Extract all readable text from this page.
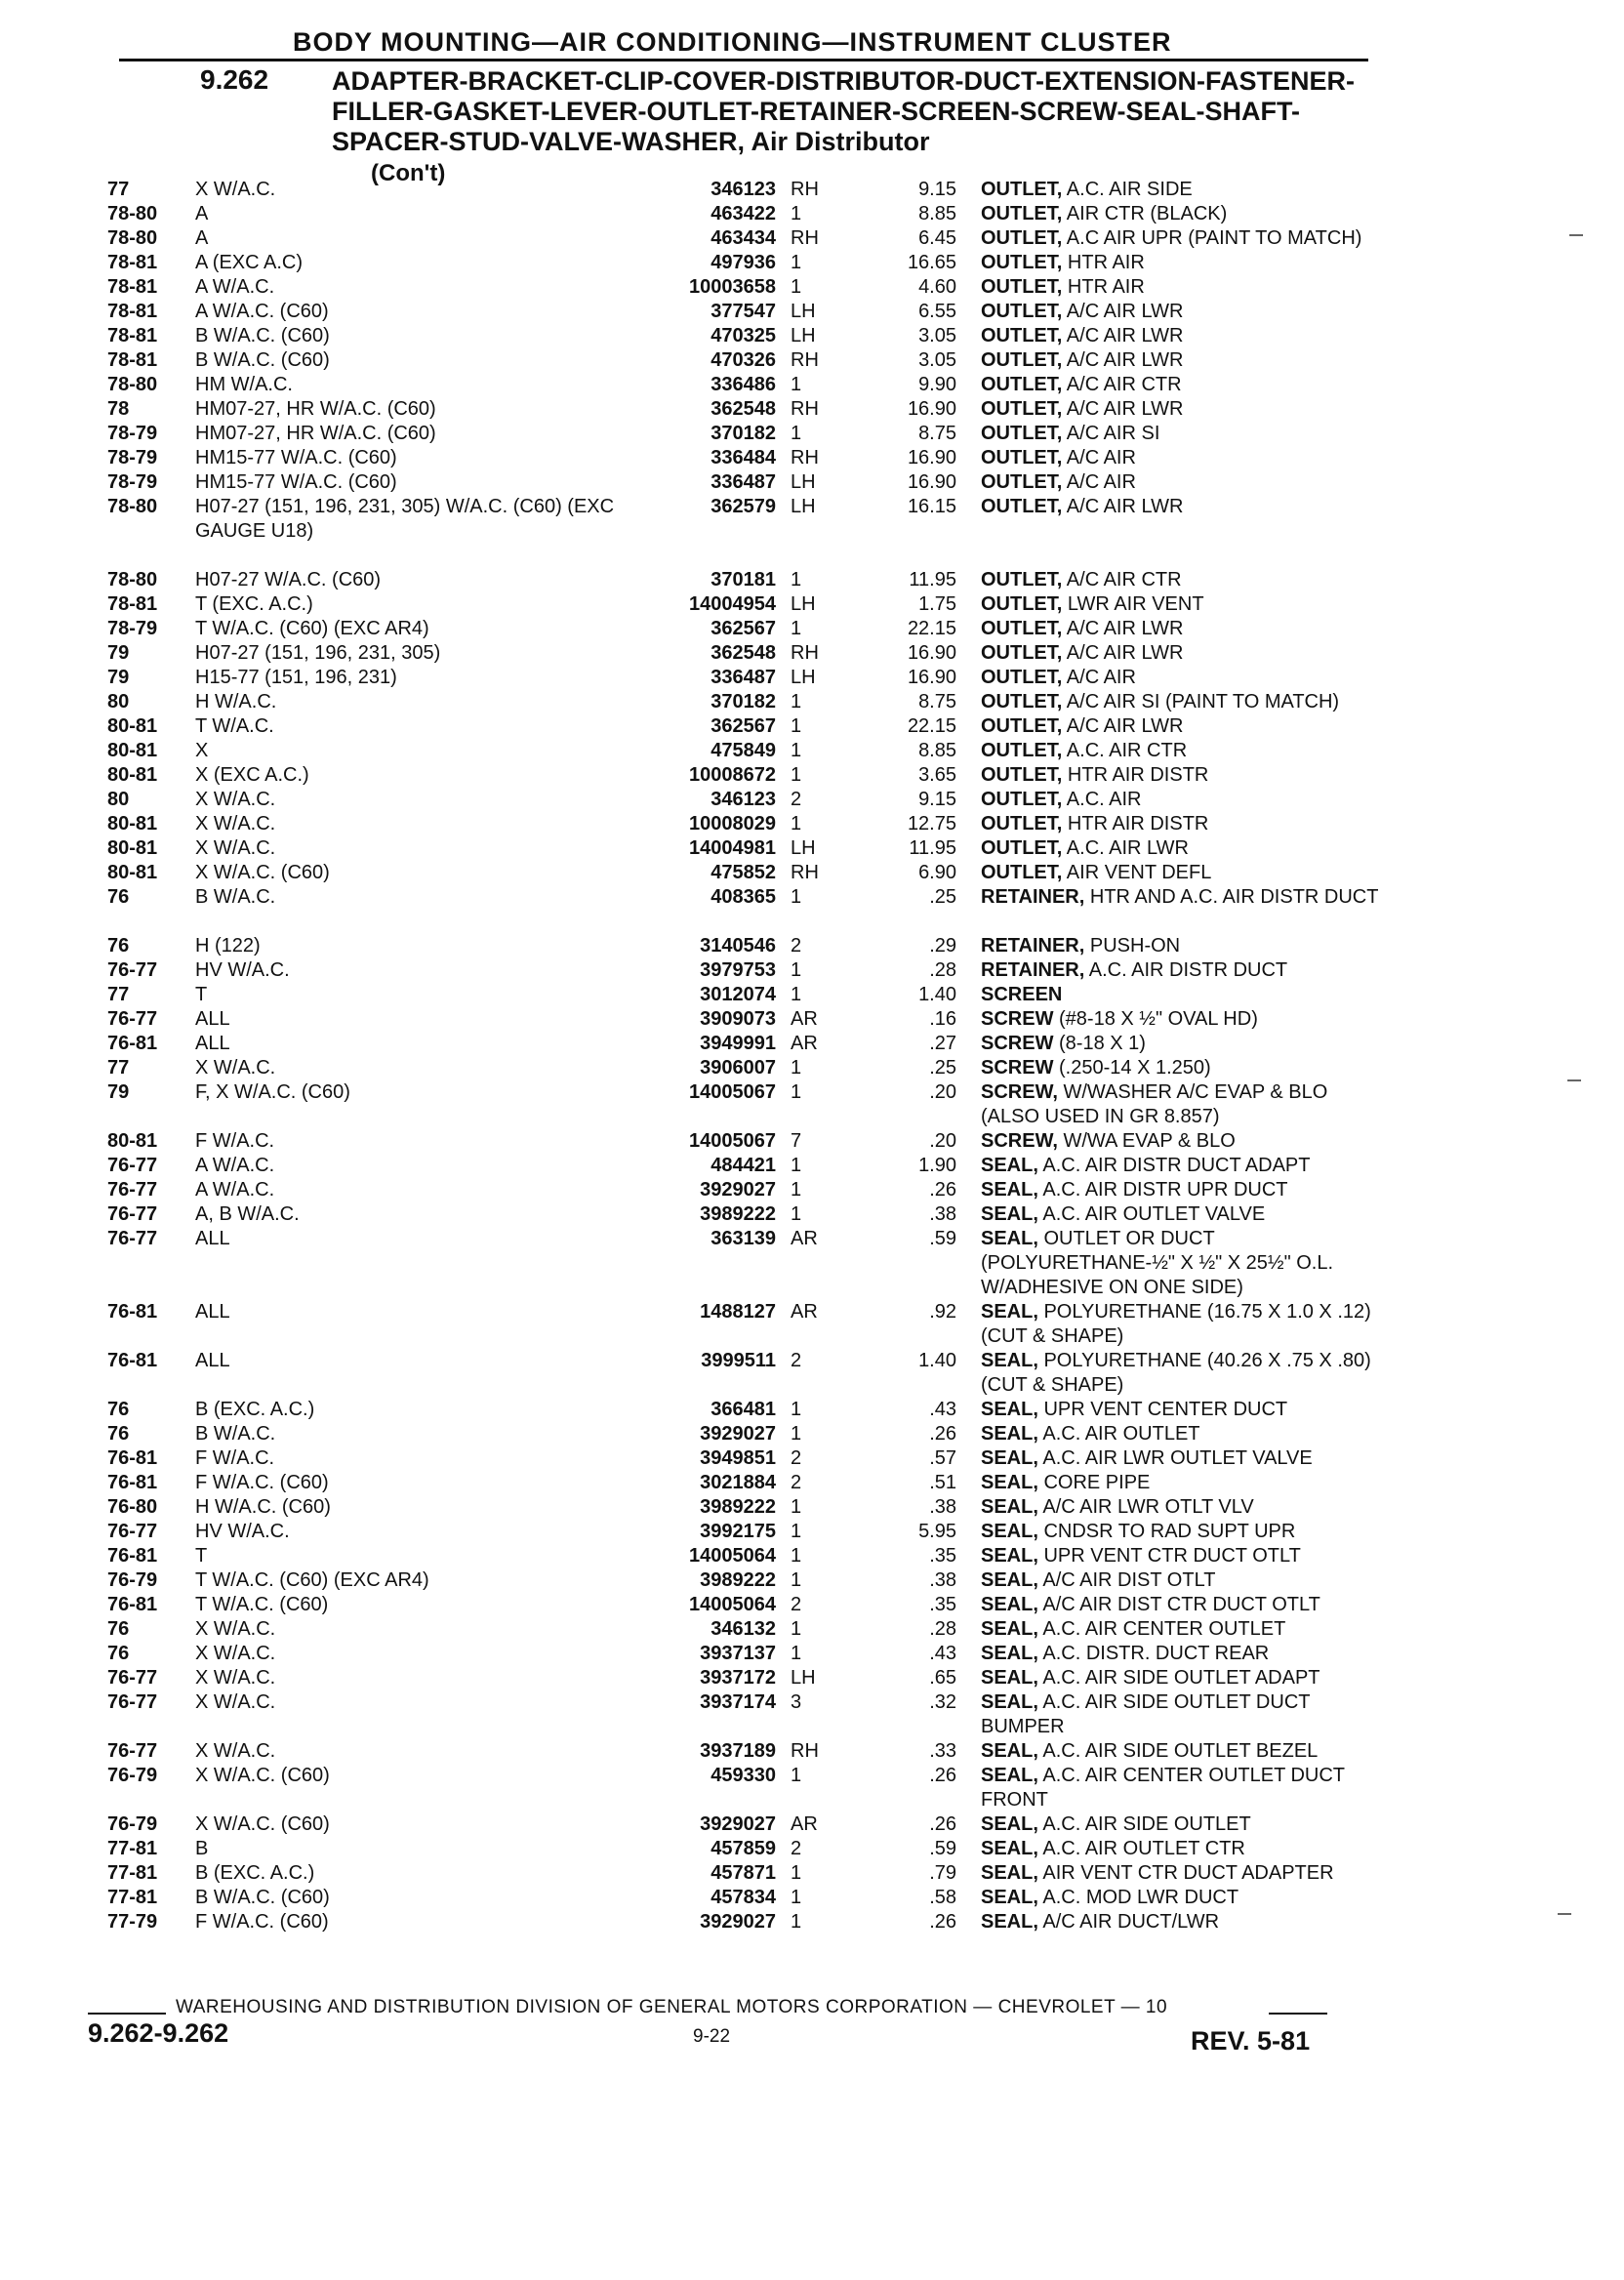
BODY MOUNTING—AIR CONDITIONING—INSTRUMENT CLUSTER
9.262 ADAPTER-BRACKET-CLIP-COVER-DISTRIBUTOR-DUCT-EXTENSION-FASTENER-FILLER-GASKET-LEVER-OUTLET-RETAINER-SCREEN-SCREW-SEAL-SHAFT-SPACER-STUD-VALVE-WASHER, Air Distributor
(Con't)
77	X W/A.C.	346123 RH	9.15 OUTLET, A.C. AIR SIDE
78-80	A	463422 1	8.85 OUTLET, AIR CTR (BLACK)
78-80	A	463434 RH	6.45 OUTLET, A.C AIR UPR (PAINT TO MATCH)
78-81	A (EXC A.C)	497936 1	16.65 OUTLET, HTR AIR
78-81	A W/A.C.	10003658 1	4.60 OUTLET, HTR AIR
78-81	A W/A.C. (C60)	377547 LH	6.55 OUTLET, A/C AIR LWR
78-81	B W/A.C. (C60)	470325 LH	3.05 OUTLET, A/C AIR LWR
78-81	B W/A.C. (C60)	470326 RH	3.05 OUTLET, A/C AIR LWR
78-80	HM W/A.C.	336486 1	9.90 OUTLET, A/C AIR CTR
78	HM07-27, HR W/A.C. (C60)	362548 RH	16.90 OUTLET, A/C AIR LWR
78-79	HM07-27, HR W/A.C. (C60)	370182 1	8.75 OUTLET, A/C AIR SI
78-79	HM15-77 W/A.C. (C60)	336484 RH	16.90 OUTLET, A/C AIR
78-79	HM15-77 W/A.C. (C60)	336487 LH	16.90 OUTLET, A/C AIR
78-80	H07-27 (151, 196, 231, 305) W/A.C. (C60) (EXC GAUGE U18)
362579 LH	16.15 OUTLET, A/C AIR LWR
78-80	H07-27 W/A.C. (C60)	370181 1	11.95 OUTLET, A/C AIR CTR
78-81	T (EXC. A.C.)	14004954 LH	1.75 OUTLET, LWR AIR VENT
78-79	T W/A.C. (C60) (EXC AR4)	362567 1	22.15 OUTLET, A/C AIR LWR
79	H07-27 (151, 196, 231, 305)	362548 RH	16.90 OUTLET, A/C AIR LWR
79	H15-77 (151, 196, 231)	336487 LH	16.90 OUTLET, A/C AIR
80	H W/A.C.	370182 1	8.75 OUTLET, A/C AIR SI (PAINT TO MATCH)
80-81	T W/A.C.	362567 1	22.15 OUTLET, A/C AIR LWR
80-81	X	475849 1	8.85 OUTLET, A.C. AIR CTR
80-81	X (EXC A.C.)	10008672 1	3.65 OUTLET, HTR AIR DISTR
80	X W/A.C.	346123 2	9.15 OUTLET, A.C. AIR
80-81	X W/A.C.	10008029 1	12.75 OUTLET, HTR AIR DISTR
80-81	X W/A.C.	14004981 LH	11.95 OUTLET, A.C. AIR LWR
80-81	X W/A.C. (C60)	475852 RH	6.90 OUTLET, AIR VENT DEFL
76	B W/A.C.	408365 1	.25 RETAINER, HTR AND A.C. AIR DISTR DUCT
76	H (122)	3140546 2	.29 RETAINER, PUSH-ON
76-77	HV W/A.C.	3979753 1	.28 RETAINER, A.C. AIR DISTR DUCT
77	T	3012074 1	1.40 SCREEN
76-77	ALL	3909073 AR	.16 SCREW (#8-18 X ½" OVAL HD)
76-81	ALL	3949991 AR	.27 SCREW (8-18 X 1)
77	X W/A.C.	3906007 1	.25 SCREW (.250-14 X 1.250)
79	F, X W/A.C. (C60)	14005067 1	.20 SCREW, W/WASHER A/C EVAP & BLO (ALSO USED IN GR 8.857)
80-81	F W/A.C.	14005067 7	.20 SCREW, W/WA EVAP & BLO
76-77	A W/A.C.	484421 1	1.90 SEAL, A.C. AIR DISTR DUCT ADAPT
76-77	A W/A.C.	3929027 1	.26 SEAL, A.C. AIR DISTR UPR DUCT
76-77	A, B W/A.C.	3989222 1	.38 SEAL, A.C. AIR OUTLET VALVE
76-77	ALL	363139 AR	.59 SEAL, OUTLET OR DUCT (POLYURETHANE-½" X ½" X 25½" O.L. W/ADHESIVE ON ONE SIDE)
76-81	ALL	1488127 AR	.92 SEAL, POLYURETHANE (16.75 X 1.0 X .12) (CUT & SHAPE)
76-81	ALL	3999511 2	1.40 SEAL, POLYURETHANE (40.26 X .75 X .80) (CUT & SHAPE)
76	B (EXC. A.C.)	366481 1	.43 SEAL, UPR VENT CENTER DUCT
76	B W/A.C.	3929027 1	.26 SEAL, A.C. AIR OUTLET
76-81	F W/A.C.	3949851 2	.57 SEAL, A.C. AIR LWR OUTLET VALVE
76-81	F W/A.C. (C60)	3021884 2	.51 SEAL, CORE PIPE
76-80	H W/A.C. (C60)	3989222 1	.38 SEAL, A/C AIR LWR OTLT VLV
76-77	HV W/A.C.	3992175 1	5.95 SEAL, CNDSR TO RAD SUPT UPR
76-81	T	14005064 1	.35 SEAL, UPR VENT CTR DUCT OTLT
76-79	T W/A.C. (C60) (EXC AR4)	3989222 1	.38 SEAL, A/C AIR DIST OTLT
76-81	T W/A.C. (C60)	14005064 2	.35 SEAL, A/C AIR DIST CTR DUCT OTLT
76	X W/A.C.	346132 1	.28 SEAL, A.C. AIR CENTER OUTLET
76	X W/A.C.	3937137 1	.43 SEAL, A.C. DISTR. DUCT REAR
76-77	X W/A.C.	3937172 LH	.65 SEAL, A.C. AIR SIDE OUTLET ADAPT
76-77	X W/A.C.	3937174 3	.32 SEAL, A.C. AIR SIDE OUTLET DUCT BUMPER
76-77	X W/A.C.	3937189 RH	.33 SEAL, A.C. AIR SIDE OUTLET BEZEL
76-79	X W/A.C. (C60)	459330 1	.26 SEAL, A.C. AIR CENTER OUTLET DUCT FRONT
76-79	X W/A.C. (C60)	3929027 AR	.26 SEAL, A.C. AIR SIDE OUTLET
77-81	B	457859 2	.59 SEAL, A.C. AIR OUTLET CTR
77-81	B (EXC. A.C.)	457871 1	.79 SEAL, AIR VENT CTR DUCT ADAPTER
77-81	B W/A.C. (C60)	457834 1	.58 SEAL, A.C. MOD LWR DUCT
77-79	F W/A.C. (C60)	3929027 1	.26 SEAL, A/C AIR DUCT/LWR
WAREHOUSING AND DISTRIBUTION DIVISION OF GENERAL MOTORS CORPORATION — CHEVROLET — 10
9.262-9.262	9-22	REV. 5-81
